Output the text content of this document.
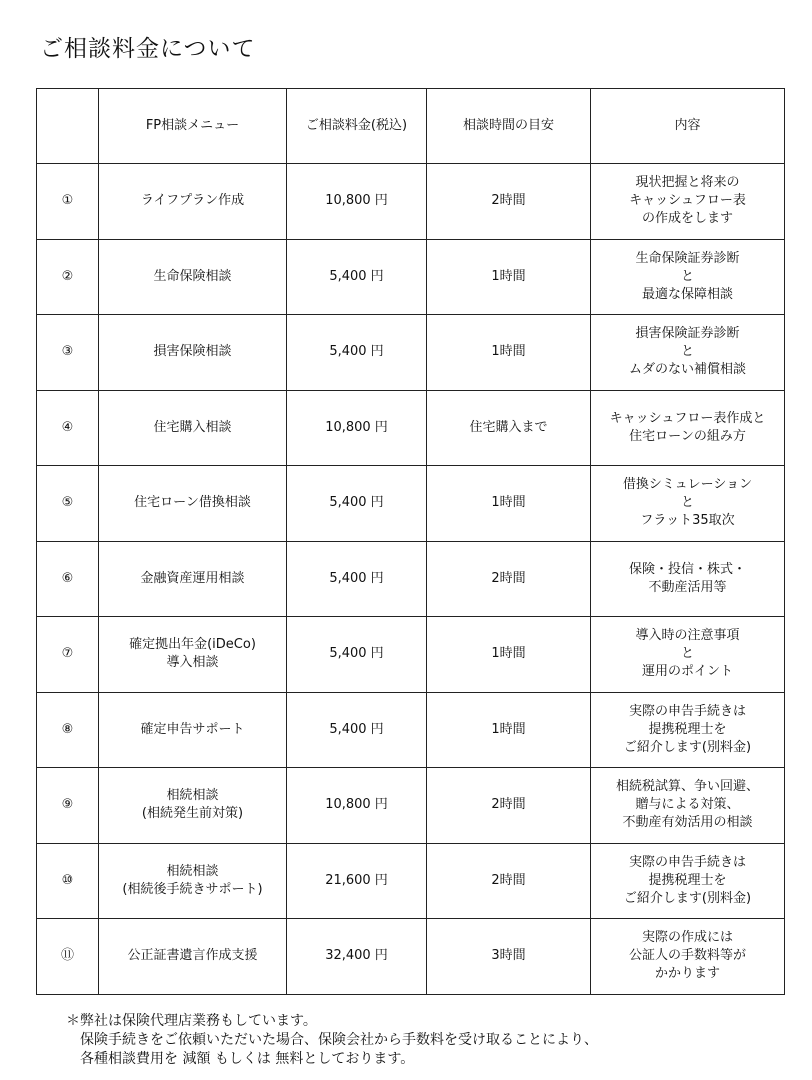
ご相談料金について
	FP相談メニュー	ご相談料金(税込)	相談時間の目安	内容
①	ライフプラン作成	10,800 円	2時間	現状把握と将来の
キャッシュフロー表
の作成をします

②	生命保険相談	5,400 円	1時間	生命保険証券診断
と
最適な保障相談

③	損害保険相談	5,400 円	1時間	損害保険証券診断
と
ムダのない補償相談

④	住宅購入相談	10,800 円	住宅購入まで	キャッシュフロー表作成と
住宅ローンの組み方

⑤	住宅ローン借換相談	5,400 円	1時間	借換シミュレーション
と
フラット35取次

⑥	金融資産運用相談	5,400 円	2時間	保険・投信・株式・
不動産活用等

⑦	確定拠出年金(iDeCo)
導入相談	5,400 円	1時間	導入時の注意事項
と
運用のポイント

⑧	確定申告サポート	5,400 円	1時間	実際の申告手続きは
提携税理士を
ご紹介します(別料金)

⑨	相続相談
(相続発生前対策)	10,800 円	2時間	相続税試算、争い回避、
贈与による対策、
不動産有効活用の相談

⑩	相続相談
(相続後手続きサポート)	21,600 円	2時間	実際の申告手続きは
提携税理士を
ご紹介します(別料金)

⑪	公正証書遺言作成支援	32,400 円	3時間	実際の作成には
公証人の手数料等が
かかります
＊弊社は保険代理店業務もしています。
保険手続きをご依頼いただいた場合、保険会社から手数料を受け取ることにより、
各種相談費用を 減額 もしくは 無料としております。
